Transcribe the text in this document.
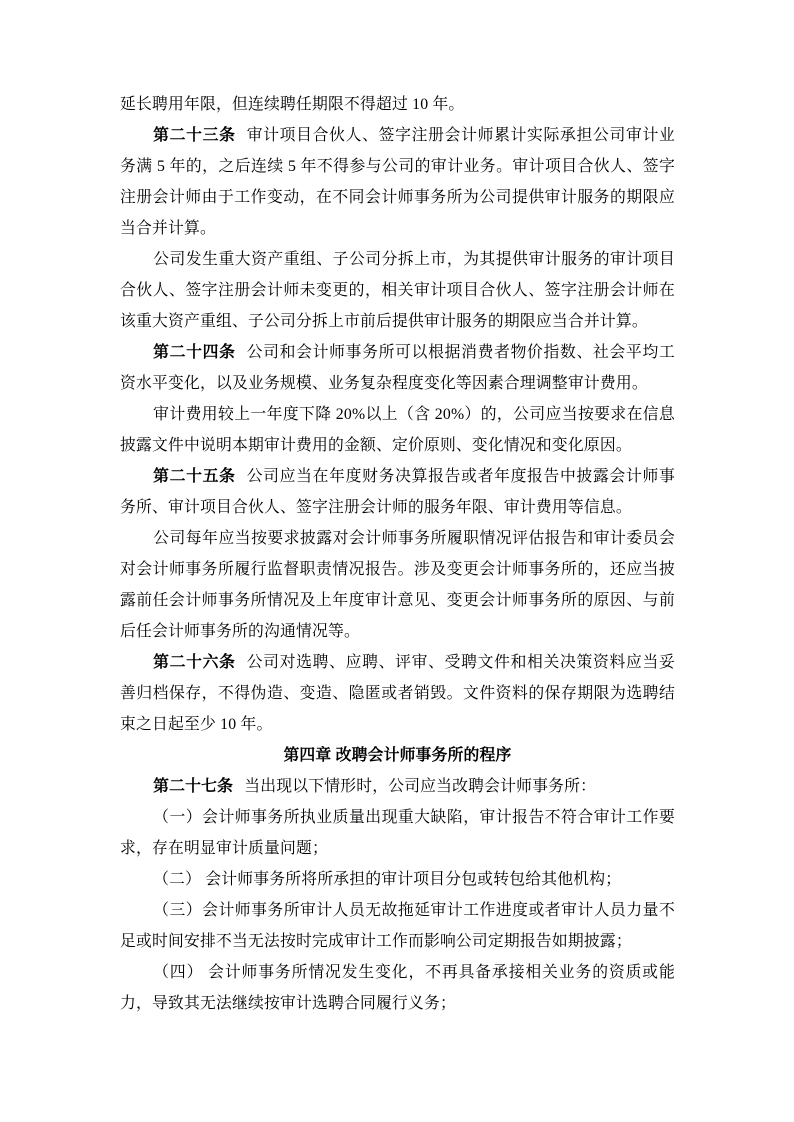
延长聘用年限，但连续聘任期限不得超过 10 年。

第二十三条 审计项目合伙人、签字注册会计师累计实际承担公司审计业务满 5 年的，之后连续 5 年不得参与公司的审计业务。审计项目合伙人、签字注册会计师由于工作变动，在不同会计师事务所为公司提供审计服务的期限应当合并计算。

公司发生重大资产重组、子公司分拆上市，为其提供审计服务的审计项目合伙人、签字注册会计师未变更的，相关审计项目合伙人、签字注册会计师在该重大资产重组、子公司分拆上市前后提供审计服务的期限应当合并计算。

第二十四条 公司和会计师事务所可以根据消费者物价指数、社会平均工资水平变化，以及业务规模、业务复杂程度变化等因素合理调整审计费用。

审计费用较上一年度下降 20%以上（含 20%）的，公司应当按要求在信息披露文件中说明本期审计费用的金额、定价原则、变化情况和变化原因。

第二十五条 公司应当在年度财务决算报告或者年度报告中披露会计师事务所、审计项目合伙人、签字注册会计师的服务年限、审计费用等信息。

公司每年应当按要求披露对会计师事务所履职情况评估报告和审计委员会对会计师事务所履行监督职责情况报告。涉及变更会计师事务所的，还应当披露前任会计师事务所情况及上年度审计意见、变更会计师事务所的原因、与前后任会计师事务所的沟通情况等。

第二十六条 公司对选聘、应聘、评审、受聘文件和相关决策资料应当妥善归档保存，不得伪造、变造、隐匿或者销毁。文件资料的保存期限为选聘结束之日起至少 10 年。

第四章 改聘会计师事务所的程序

第二十七条 当出现以下情形时，公司应当改聘会计师事务所：

（一）会计师事务所执业质量出现重大缺陷，审计报告不符合审计工作要求，存在明显审计质量问题；

（二） 会计师事务所将所承担的审计项目分包或转包给其他机构；

（三）会计师事务所审计人员无故拖延审计工作进度或者审计人员力量不足或时间安排不当无法按时完成审计工作而影响公司定期报告如期披露；

（四） 会计师事务所情况发生变化，不再具备承接相关业务的资质或能力，导致其无法继续按审计选聘合同履行义务；
